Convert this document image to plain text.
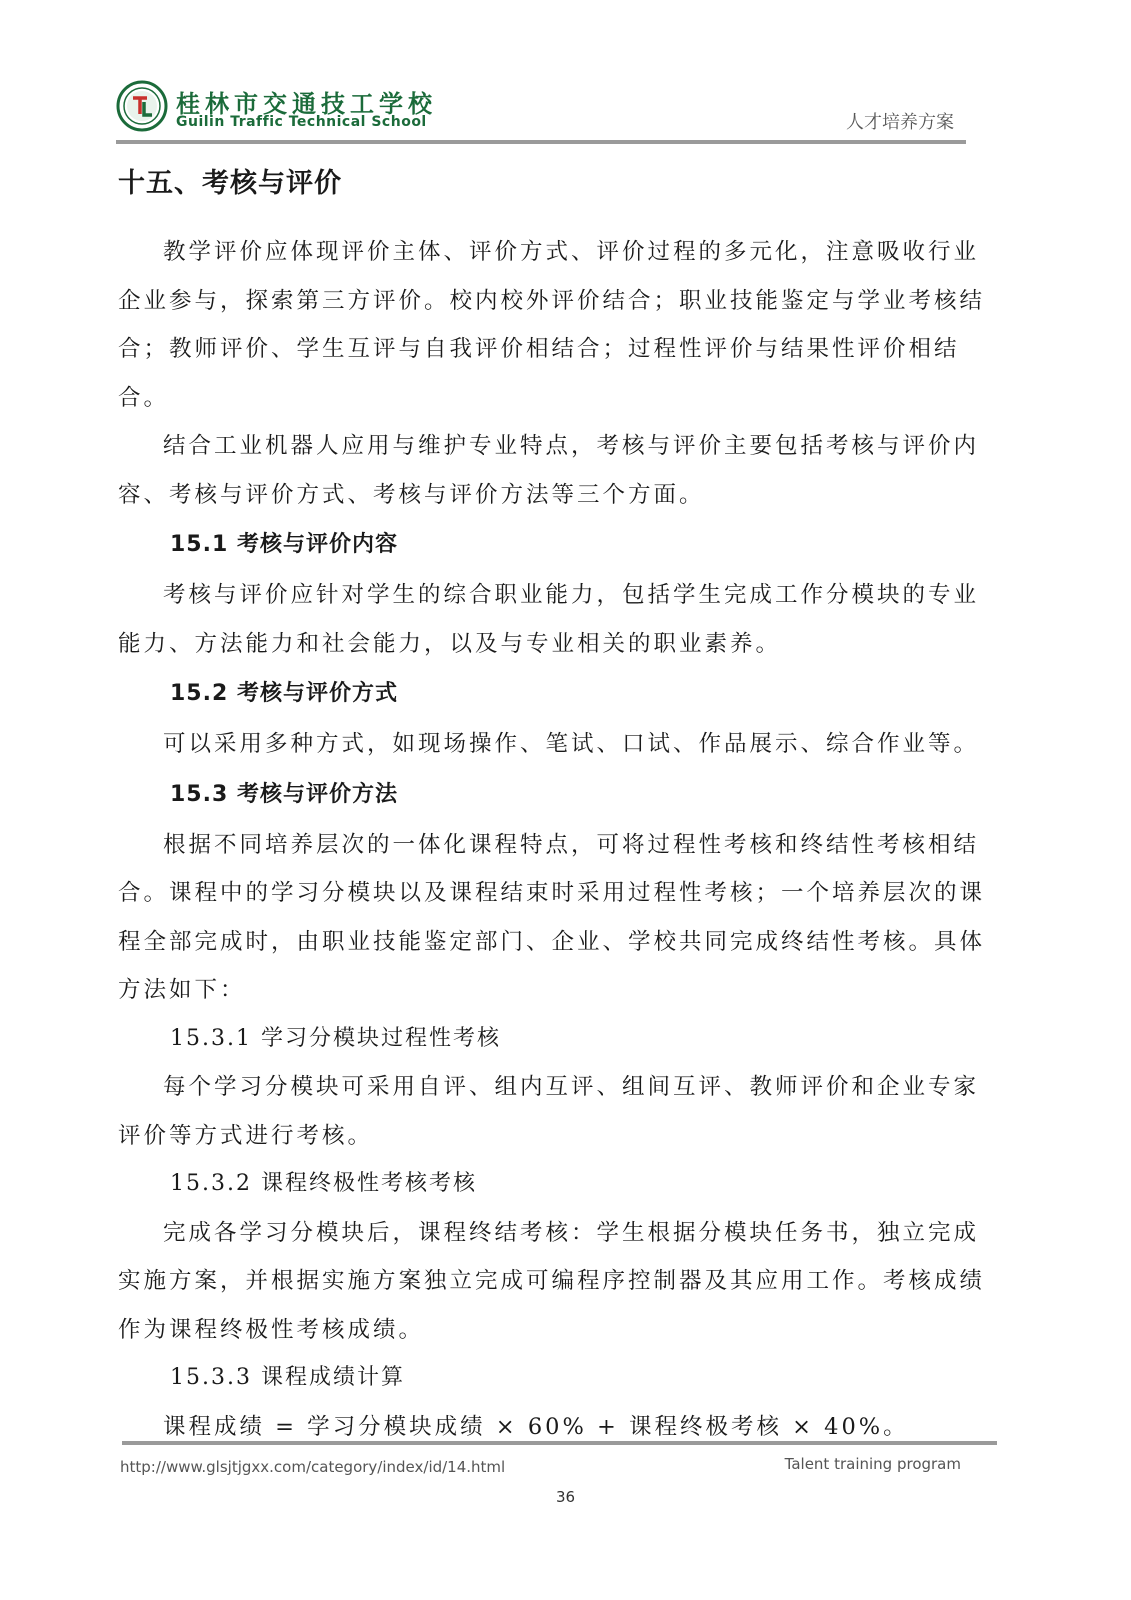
桂林市交通技工学校
Guilin Traffic Technical School	人才培养方案
十五、考核与评价

教学评价应体现评价主体、评价方式、评价过程的多元化，注意吸收行业企业参与，探索第三方评价。校内校外评价结合；职业技能鉴定与学业考核结合；教师评价、学生互评与自我评价相结合；过程性评价与结果性评价相结合。

结合工业机器人应用与维护专业特点，考核与评价主要包括考核与评价内容、考核与评价方式、考核与评价方法等三个方面。

15.1 考核与评价内容

考核与评价应针对学生的综合职业能力，包括学生完成工作分模块的专业能力、方法能力和社会能力，以及与专业相关的职业素养。

15.2 考核与评价方式

可以采用多种方式，如现场操作、笔试、口试、作品展示、综合作业等。

15.3 考核与评价方法

根据不同培养层次的一体化课程特点，可将过程性考核和终结性考核相结合。课程中的学习分模块以及课程结束时采用过程性考核；一个培养层次的课程全部完成时，由职业技能鉴定部门、企业、学校共同完成终结性考核。具体方法如下：

15.3.1 学习分模块过程性考核

每个学习分模块可采用自评、组内互评、组间互评、教师评价和企业专家评价等方式进行考核。

15.3.2 课程终极性考核考核

完成各学习分模块后，课程终结考核：学生根据分模块任务书，独立完成实施方案，并根据实施方案独立完成可编程序控制器及其应用工作。考核成绩作为课程终极性考核成绩。

15.3.3 课程成绩计算

课程成绩 = 学习分模块成绩 × 60% + 课程终极考核 × 40%。

http://www.glsjtjgxx.com/category/index/id/14.html	Talent training program
36
